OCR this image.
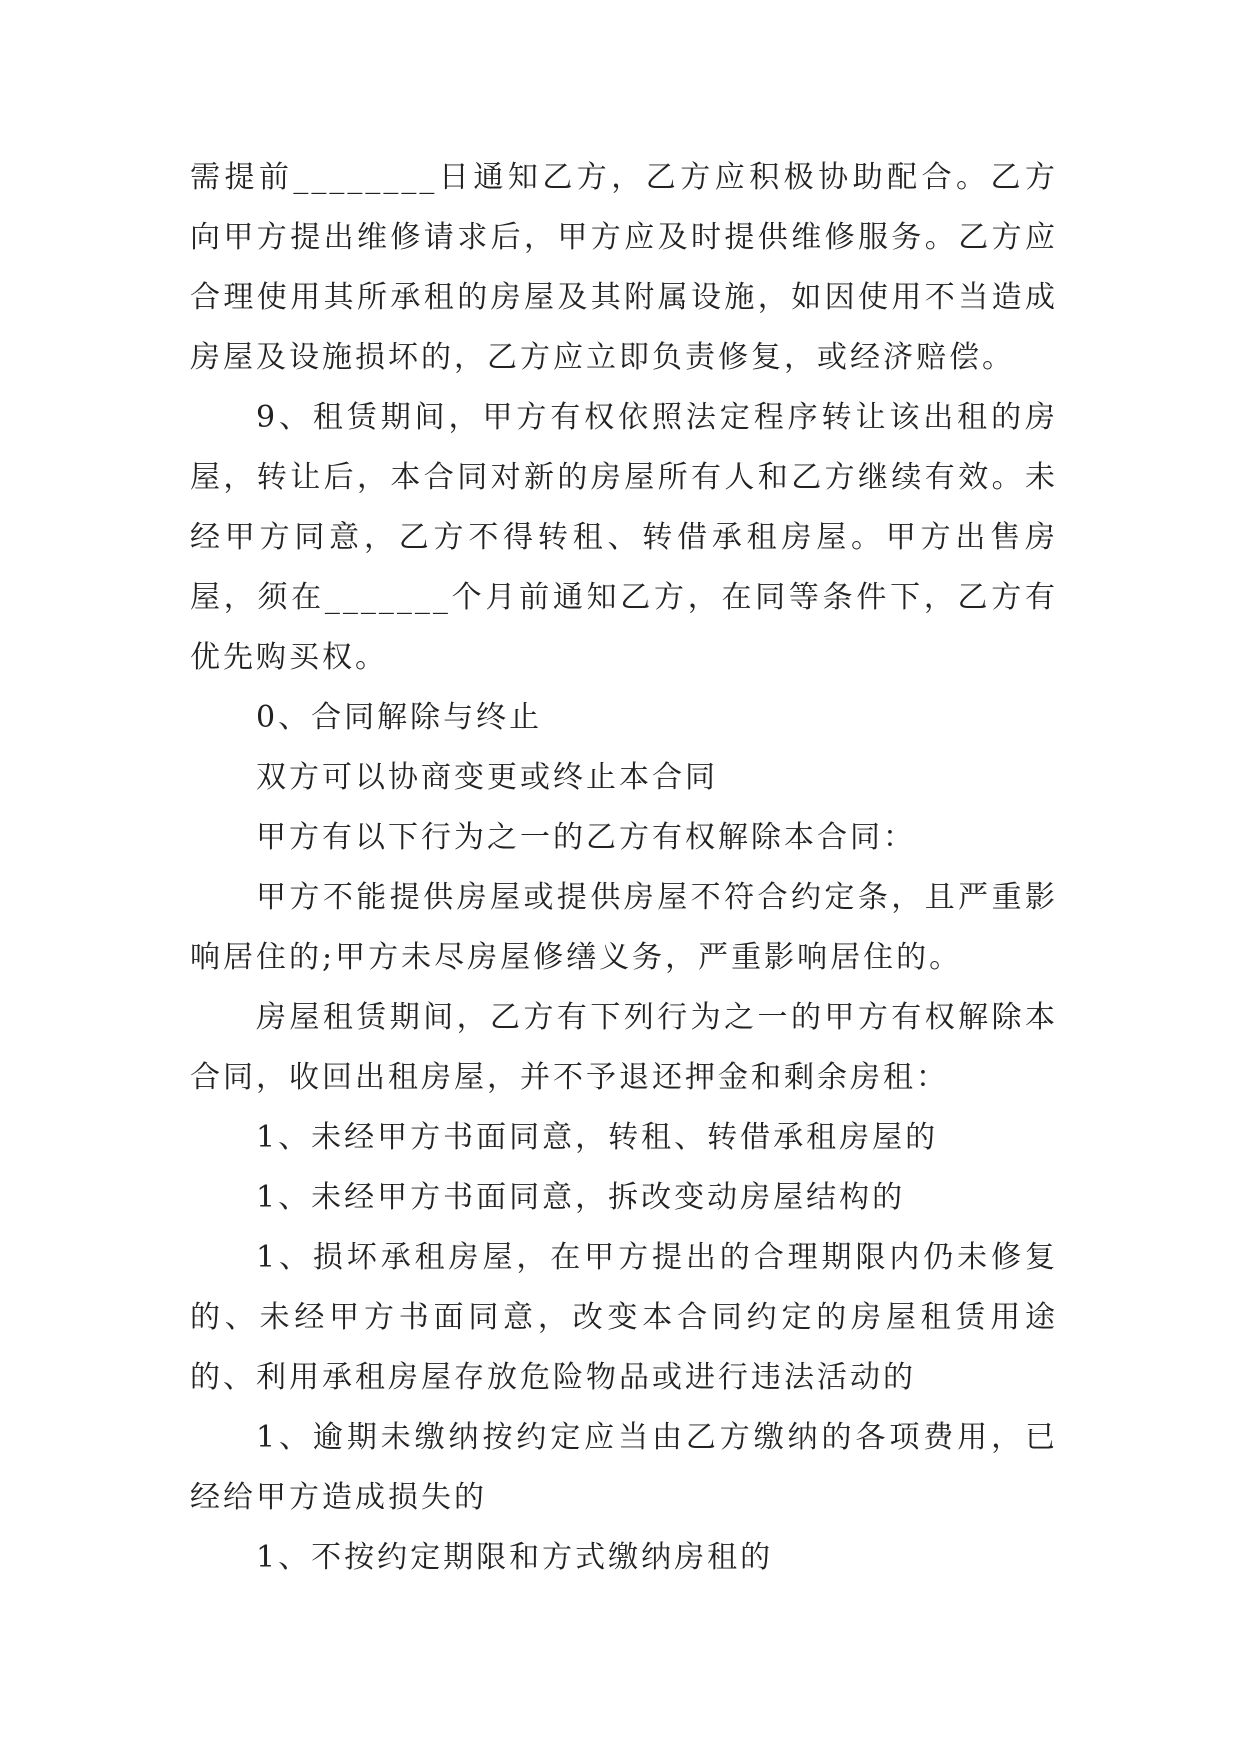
需提前________日通知乙方，乙方应积极协助配合。乙方向甲方提出维修请求后，甲方应及时提供维修服务。乙方应合理使用其所承租的房屋及其附属设施，如因使用不当造成房屋及设施损坏的，乙方应立即负责修复，或经济赔偿。

9、租赁期间，甲方有权依照法定程序转让该出租的房屋，转让后，本合同对新的房屋所有人和乙方继续有效。未经甲方同意，乙方不得转租、转借承租房屋。甲方出售房屋，须在_______个月前通知乙方，在同等条件下，乙方有优先购买权。

0、合同解除与终止

双方可以协商变更或终止本合同

甲方有以下行为之一的乙方有权解除本合同：

甲方不能提供房屋或提供房屋不符合约定条，且严重影响居住的;甲方未尽房屋修缮义务，严重影响居住的。

房屋租赁期间，乙方有下列行为之一的甲方有权解除本合同，收回出租房屋，并不予退还押金和剩余房租：

1、未经甲方书面同意，转租、转借承租房屋的

1、未经甲方书面同意，拆改变动房屋结构的

1、损坏承租房屋，在甲方提出的合理期限内仍未修复的、未经甲方书面同意，改变本合同约定的房屋租赁用途的、利用承租房屋存放危险物品或进行违法活动的

1、逾期未缴纳按约定应当由乙方缴纳的各项费用，已经给甲方造成损失的

1、不按约定期限和方式缴纳房租的
